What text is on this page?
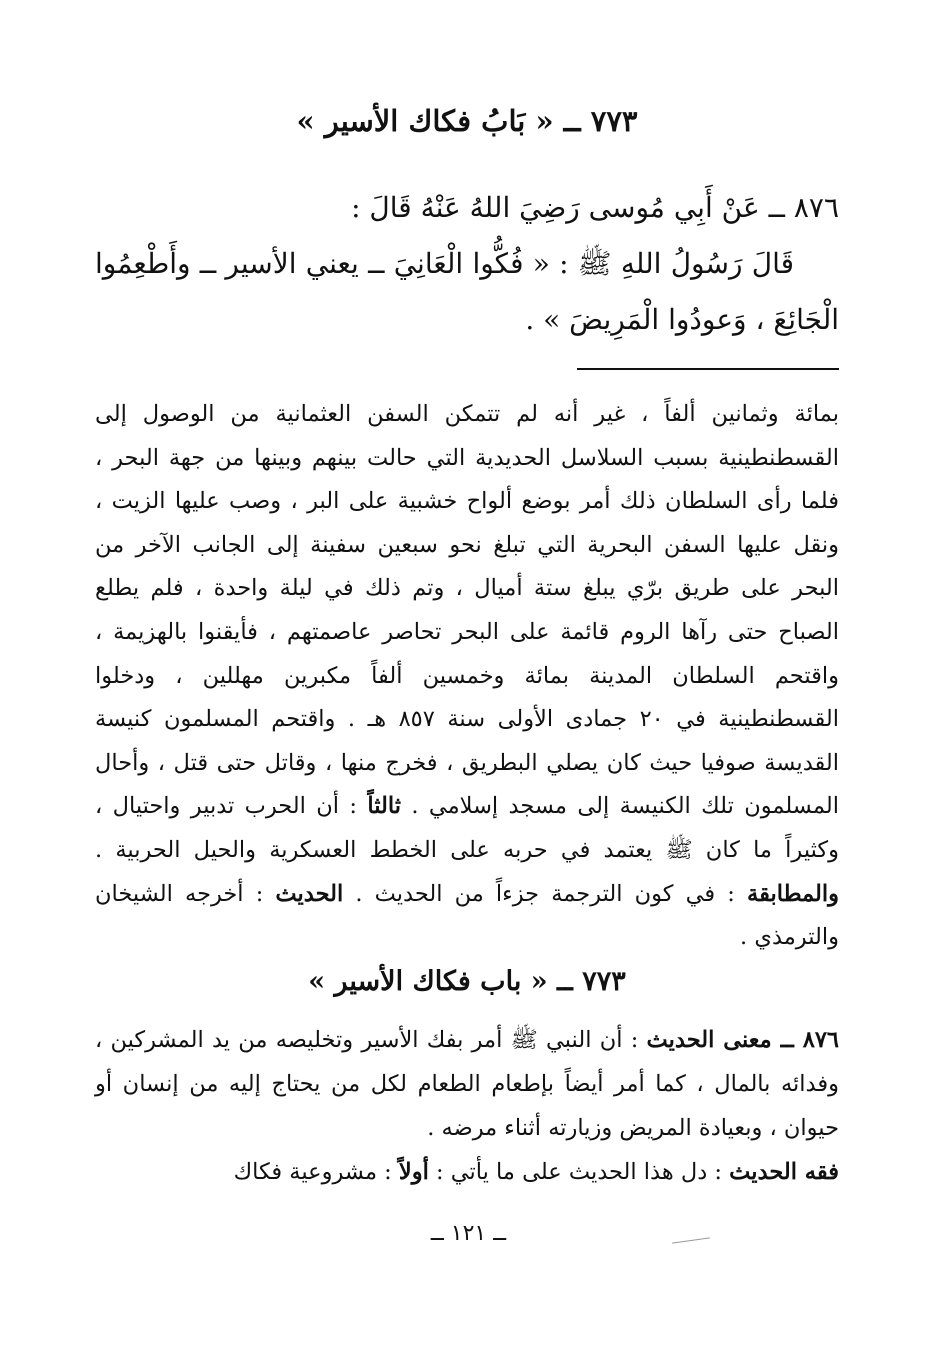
٧٧٣ ــ « بَابُ فكاك الأسير »

٨٧٦ ــ عَنْ أَبِي مُوسى رَضِيَ اللهُ عَنْهُ قَالَ :

قَالَ رَسُولُ اللهِ ﷺ : « فُكُّوا الْعَانِيَ ــ يعني الأسير ــ وأَطْعِمُوا الْجَائِعَ ، وَعودُوا الْمَرِيضَ » .

بمائة وثمانين ألفاً ، غير أنه لم تتمكن السفن العثمانية من الوصول إلى القسطنطينية بسبب السلاسل الحديدية التي حالت بينهم وبينها من جهة البحر ، فلما رأى السلطان ذلك أمر بوضع ألواح خشبية على البر ، وصب عليها الزيت ، ونقل عليها السفن البحرية التي تبلغ نحو سبعين سفينة إلى الجانب الآخر من البحر على طريق برّي يبلغ ستة أميال ، وتم ذلك في ليلة واحدة ، فلم يطلع الصباح حتى رآها الروم قائمة على البحر تحاصر عاصمتهم ، فأيقنوا بالهزيمة ، واقتحم السلطان المدينة بمائة وخمسين ألفاً مكبرين مهللين ، ودخلوا القسطنطينية في ٢٠ جمادى الأولى سنة ٨٥٧ هـ . واقتحم المسلمون كنيسة القديسة صوفيا حيث كان يصلي البطريق ، فخرج منها ، وقاتل حتى قتل ، وأحال المسلمون تلك الكنيسة إلى مسجد إسلامي . ثالثاً : أن الحرب تدبير واحتيال ، وكثيراً ما كان ﷺ يعتمد في حربه على الخطط العسكرية والحيل الحربية . والمطابقة : في كون الترجمة جزءاً من الحديث . الحديث : أخرجه الشيخان والترمذي .
٧٧٣ ــ « باب فكاك الأسير »

٨٧٦ ــ معنى الحديث : أن النبي ﷺ أمر بفك الأسير وتخليصه من يد المشركين ، وفدائه بالمال ، كما أمر أيضاً بإطعام الطعام لكل من يحتاج إليه من إنسان أو حيوان ، وبعيادة المريض وزيارته أثناء مرضه .

فقه الحديث : دل هذا الحديث على ما يأتي : أولاً : مشروعية فكاك

ــ ١٢١ ــ
